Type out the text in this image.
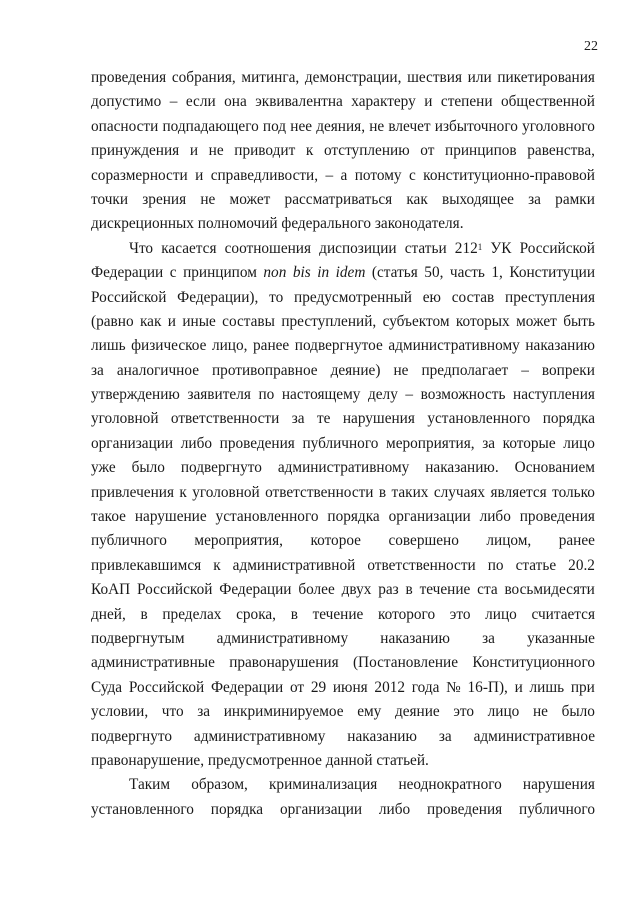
22
проведения собрания, митинга, демонстрации, шествия или пикетирования
допустимо – если она эквивалентна характеру и степени общественной
опасности подпадающего под нее деяния, не влечет избыточного уголовного
принуждения и не приводит к отступлению от принципов равенства,
соразмерности и справедливости, – а потому с конституционно-правовой
точки зрения не может рассматриваться как выходящее за рамки
дискреционных полномочий федерального законодателя.
Что касается соотношения диспозиции статьи $212^1$ УК Российской
Федерации с принципом non bis in idem (статья 50, часть 1, Конституции
Российской Федерации), то предусмотренный ею состав преступления
(равно как и иные составы преступлений, субъектом которых может быть
лишь физическое лицо, ранее подвергнутое административному наказанию
за аналогичное противоправное деяние) не предполагает – вопреки
утверждению заявителя по настоящему делу – возможность наступления
уголовной ответственности за те нарушения установленного порядка
организации либо проведения публичного мероприятия, за которые лицо
уже было подвергнуто административному наказанию. Основанием
привлечения к уголовной ответственности в таких случаях является только
такое нарушение установленного порядка организации либо проведения
публичного мероприятия, которое совершено лицом, ранее
привлекавшимся к административной ответственности по статье 20.2
КоАП Российской Федерации более двух раз в течение ста восьмидесяти
дней, в пределах срока, в течение которого это лицо считается
подвергнутым административному наказанию за указанные
административные правонарушения (Постановление Конституционного
Суда Российской Федерации от 29 июня 2012 года № 16-П), и лишь при
условии, что за инкриминируемое ему деяние это лицо не было
подвергнуто административному наказанию за административное
правонарушение, предусмотренное данной статьей.
Таким образом, криминализация неоднократного нарушения
установленного порядка организации либо проведения публичного
